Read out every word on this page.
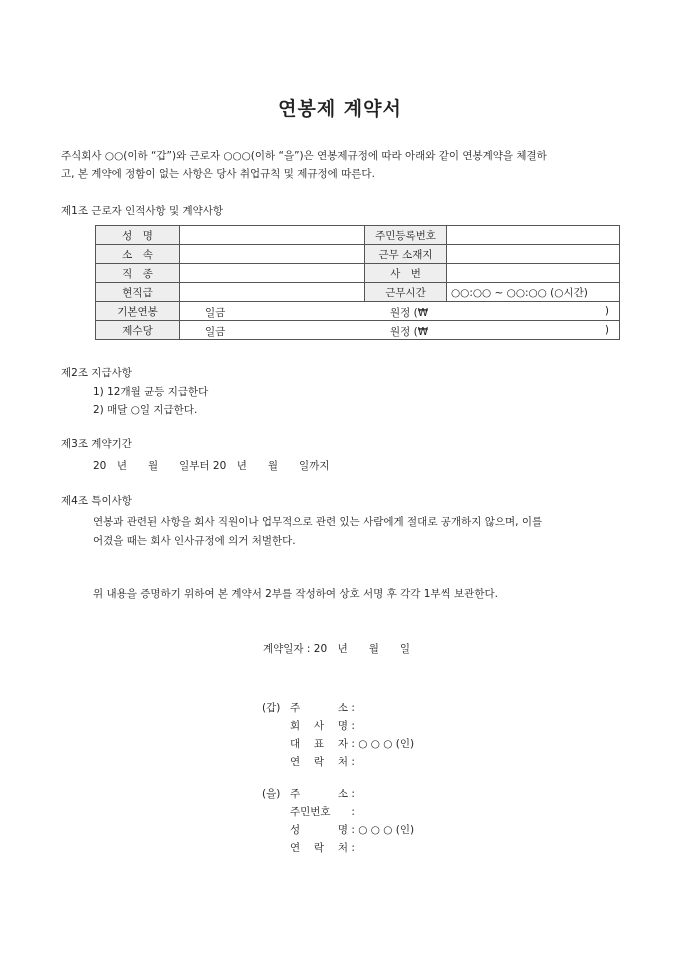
연봉제 계약서
주식회사 ○○(이하 “갑”)와 근로자 ○○○(이하 “을”)은 연봉제규정에 따라 아래와 같이 연봉계약을 체결하
고, 본 계약에 정함이 없는 사항은 당사 취업규칙 및 제규정에 따른다.
제1조 근로자 인적사항 및 계약사항
성　명		주민등록번호	
소　속		근무 소재지	
직　종		사　번	
현직급		근무시간	○○:○○ ~ ○○:○○ (○시간)
기본연봉	일금 원정 (₩ )		

제수당	일금 원정 (₩ )		
제2조 지급사항
1) 12개월 균등 지급한다
2) 매달 ○일 지급한다.
제3조 계약기간
20　년　　월　　일부터 20　년　　월　　일까지
제4조 특이사항
연봉과 관련된 사항을 회사 직원이나 업무적으로 관련 있는 사람에게 절대로 공개하지 않으며, 이를
어겼을 때는 회사 인사규정에 의거 처벌한다.
위 내용을 증명하기 위하여 본 계약서 2부를 작성하여 상호 서명 후 각각 1부씩 보관한다.
계약일자 : 20　년　　월　　일
(갑) 주　　소 :
회 사 명 :
대 표 자 : ○ ○ ○ (인)
연 락 처 :
(을) 주　　소 :
주민번호 :
성　　명 : ○ ○ ○ (인)
연 락 처 :
